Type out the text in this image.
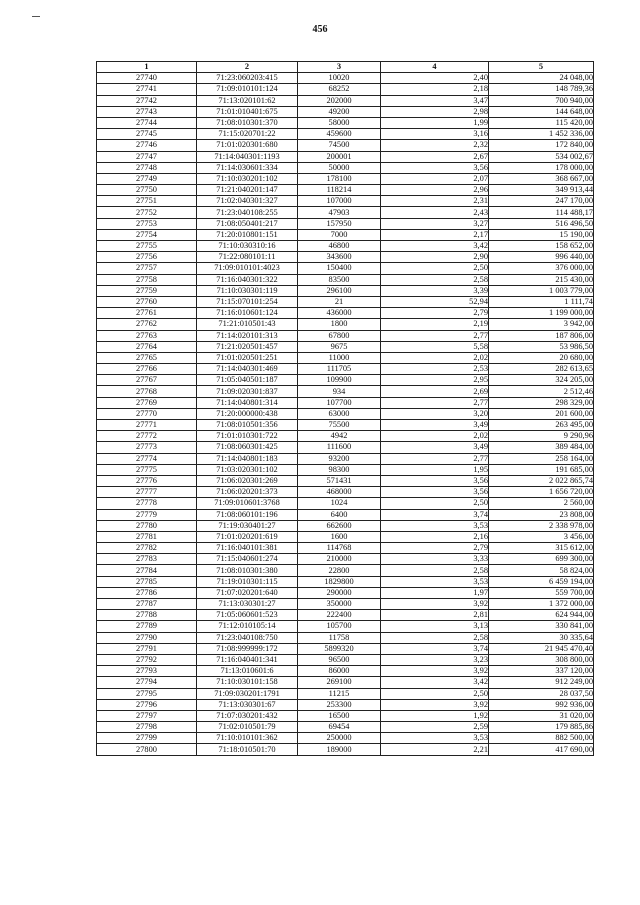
456
1	2	3	4	5
27740	71:23:060203:415	10020	2,40	24 048,00
27741	71:09:010101:124	68252	2,18	148 789,36
27742	71:13:020101:62	202000	3,47	700 940,00
27743	71:01:010401:675	49200	2,98	144 648,00
27744	71:08:010301:370	58000	1,99	115 420,00
27745	71:15:020701:22	459600	3,16	1 452 336,00
27746	71:01:020301:680	74500	2,32	172 840,00
27747	71:14:040301:1193	200001	2,67	534 002,67
27748	71:14:030601:334	50000	3,56	178 000,00
27749	71:10:030201:102	178100	2,07	368 667,00
27750	71:21:040201:147	118214	2,96	349 913,44
27751	71:02:040301:327	107000	2,31	247 170,00
27752	71:23:040108:255	47903	2,43	114 488,17
27753	71:08:050401:217	157950	3,27	516 496,50
27754	71:20:010801:151	7000	2,17	15 190,00
27755	71:10:030310:16	46800	3,42	158 652,00
27756	71:22:080101:11	343600	2,90	996 440,00
27757	71:09:010101:4023	150400	2,50	376 000,00
27758	71:16:040301:322	83500	2,58	215 430,00
27759	71:10:030301:119	296100	3,39	1 003 779,00
27760	71:15:070101:254	21	52,94	1 111,74
27761	71:16:010601:124	436000	2,79	1 199 000,00
27762	71:21:010501:43	1800	2,19	3 942,00
27763	71:14:020101:313	67800	2,77	187 806,00
27764	71:21:020501:457	9675	5,58	53 986,50
27765	71:01:020501:251	11000	2,02	20 680,00
27766	71:14:040301:469	111705	2,53	282 613,65
27767	71:05:040501:187	109900	2,95	324 205,00
27768	71:09:020301:837	934	2,69	2 512,46
27769	71:14:040801:314	107700	2,77	298 329,00
27770	71:20:000000:438	63000	3,20	201 600,00
27771	71:08:010501:356	75500	3,49	263 495,00
27772	71:01:010301:722	4942	2,02	9 290,96
27773	71:08:060301:425	111600	3,49	389 484,00
27774	71:14:040801:183	93200	2,77	258 164,00
27775	71:03:020301:102	98300	1,95	191 685,00
27776	71:06:020301:269	571431	3,56	2 022 865,74
27777	71:06:020201:373	468000	3,56	1 656 720,00
27778	71:09:010601:3768	1024	2,50	2 560,00
27779	71:08:060101:196	6400	3,74	23 808,00
27780	71:19:030401:27	662600	3,53	2 338 978,00
27781	71:01:020201:619	1600	2,16	3 456,00
27782	71:16:040101:381	114768	2,79	315 612,00
27783	71:15:040601:274	210000	3,33	699 300,00
27784	71:08:010301:380	22800	2,58	58 824,00
27785	71:19:010301:115	1829800	3,53	6 459 194,00
27786	71:07:020201:640	290000	1,97	559 700,00
27787	71:13:030301:27	350000	3,92	1 372 000,00
27788	71:05:060601:523	222400	2,81	624 944,00
27789	71:12:010105:14	105700	3,13	330 841,00
27790	71:23:040108:750	11758	2,58	30 335,64
27791	71:08:999999:172	5899320	3,74	21 945 470,40
27792	71:16:040401:341	96500	3,23	308 800,00
27793	71:13:010601:6	86000	3,92	337 120,00
27794	71:10:030101:158	269100	3,42	912 249,00
27795	71:09:030201:1791	11215	2,50	28 037,50
27796	71:13:030301:67	253300	3,92	992 936,00
27797	71:07:030201:432	16500	1,92	31 020,00
27798	71:02:010501:79	69454	2,59	179 885,86
27799	71:10:010101:362	250000	3,53	882 500,00
27800	71:18:010501:70	189000	2,21	417 690,00
